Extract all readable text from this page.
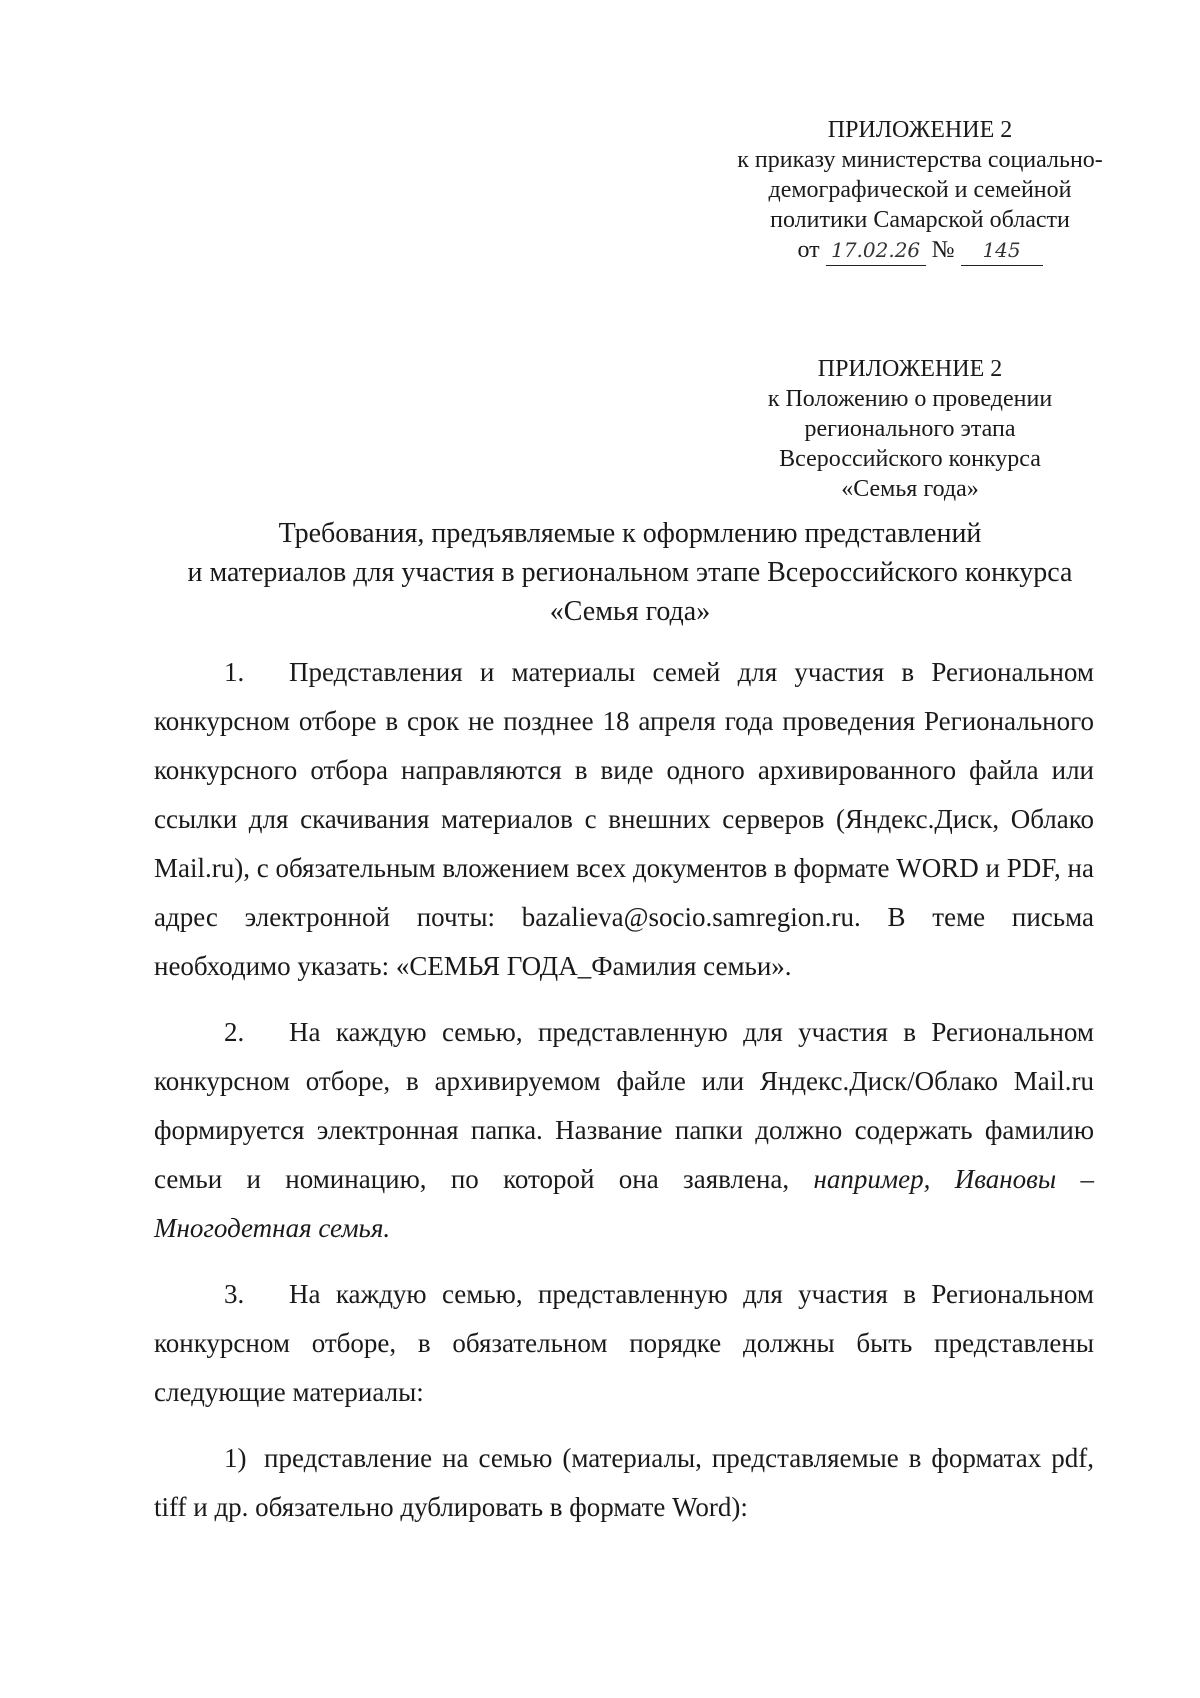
ПРИЛОЖЕНИЕ 2
к приказу министерства социально-
демографической и семейной
политики Самарской области
от 17.02.26 № 145
ПРИЛОЖЕНИЕ 2
к Положению о проведении
регионального этапа
Всероссийского конкурса
«Семья года»
Требования, предъявляемые к оформлению представлений
и материалов для участия в региональном этапе Всероссийского конкурса
«Семья года»

1. Представления и материалы семей для участия в Региональном конкурсном отборе в срок не позднее 18 апреля года проведения Регионального конкурсного отбора направляются в виде одного архивированного файла или ссылки для скачивания материалов с внешних серверов (Яндекс.Диск, Облако Mail.ru), с обязательным вложением всех документов в формате WORD и PDF, на адрес электронной почты: bazalieva@socio.samregion.ru. В теме письма необходимо указать: «СЕМЬЯ ГОДА_Фамилия семьи».

2. На каждую семью, представленную для участия в Региональном конкурсном отборе, в архивируемом файле или Яндекс.Диск/Облако Mail.ru формируется электронная папка. Название папки должно содержать фамилию семьи и номинацию, по которой она заявлена, например, Ивановы – Многодетная семья.

3. На каждую семью, представленную для участия в Региональном конкурсном отборе, в обязательном порядке должны быть представлены следующие материалы:

1) представление на семью (материалы, представляемые в форматах pdf, tiff и др. обязательно дублировать в формате Word):
